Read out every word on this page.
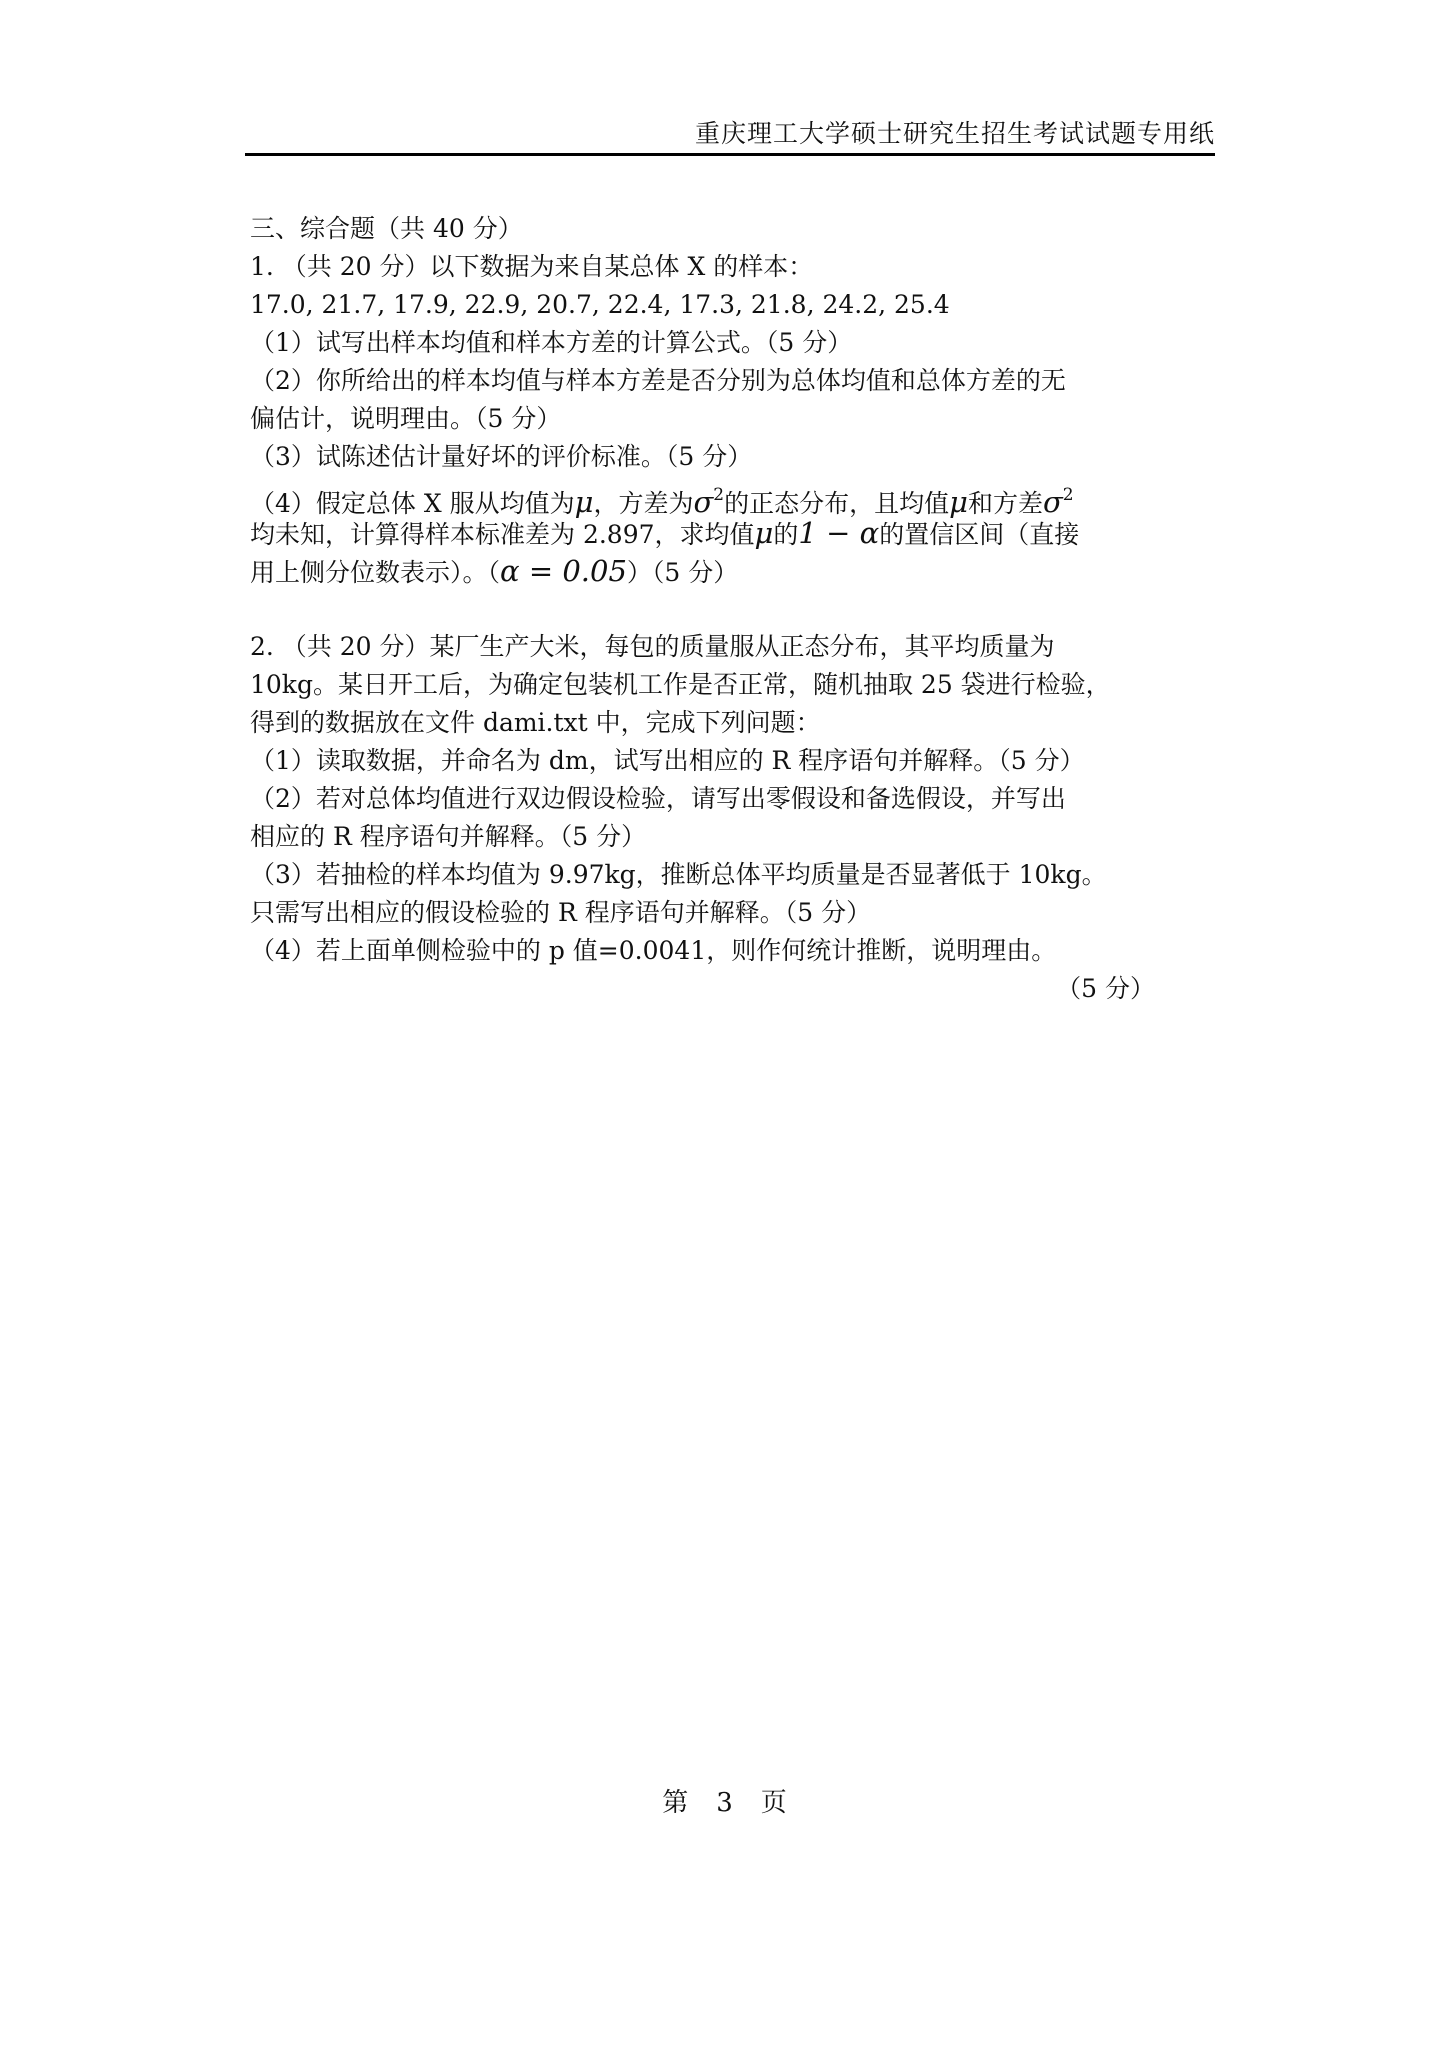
重庆理工大学硕士研究生招生考试试题专用纸
三、综合题（共 40 分）
1. （共 20 分）以下数据为来自某总体 X 的样本：
17.0, 21.7, 17.9, 22.9, 20.7, 22.4, 17.3, 21.8, 24.2, 25.4
（1）试写出样本均值和样本方差的计算公式。（5 分）
（2）你所给出的样本均值与样本方差是否分别为总体均值和总体方差的无
偏估计，说明理由。（5 分）
（3）试陈述估计量好坏的评价标准。（5 分）
（4）假定总体 X 服从均值为μ，方差为$\sigma^2$的正态分布，且均值μ和方差$\sigma^2$
均未知，计算得样本标准差为 2.897，求均值μ的1 − α的置信区间（直接
用上侧分位数表示）。（α = 0.05）（5 分）
2. （共 20 分）某厂生产大米，每包的质量服从正态分布，其平均质量为
10kg。某日开工后，为确定包装机工作是否正常，随机抽取 25 袋进行检验，
得到的数据放在文件 dami.txt 中，完成下列问题：
（1）读取数据，并命名为 dm，试写出相应的 R 程序语句并解释。（5 分）
（2）若对总体均值进行双边假设检验，请写出零假设和备选假设，并写出
相应的 R 程序语句并解释。（5 分）
（3）若抽检的样本均值为 9.97kg，推断总体平均质量是否显著低于 10kg。
只需写出相应的假设检验的 R 程序语句并解释。（5 分）
（4）若上面单侧检验中的 p 值=0.0041，则作何统计推断，说明理由。
（5 分）
第 3 页
